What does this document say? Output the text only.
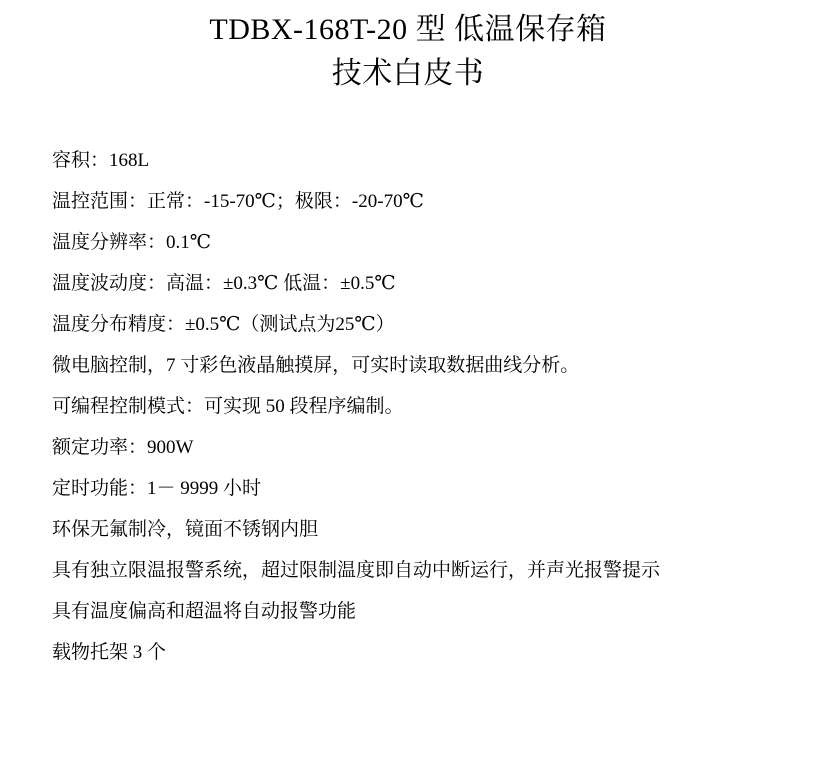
TDBX-168T-20 型 低温保存箱
技术白皮书
容积：168L
温控范围：正常：-15-70℃；极限：-20-70℃
温度分辨率：0.1℃
温度波动度：高温：±0.3℃ 低温：±0.5℃
温度分布精度：±0.5℃（测试点为25℃）
微电脑控制，7 寸彩色液晶触摸屏，可实时读取数据曲线分析。
可编程控制模式：可实现 50 段程序编制。
额定功率：900W
定时功能：1－ 9999 小时
环保无氟制冷，镜面不锈钢内胆
具有独立限温报警系统，超过限制温度即自动中断运行，并声光报警提示
具有温度偏高和超温将自动报警功能
载物托架 3 个
